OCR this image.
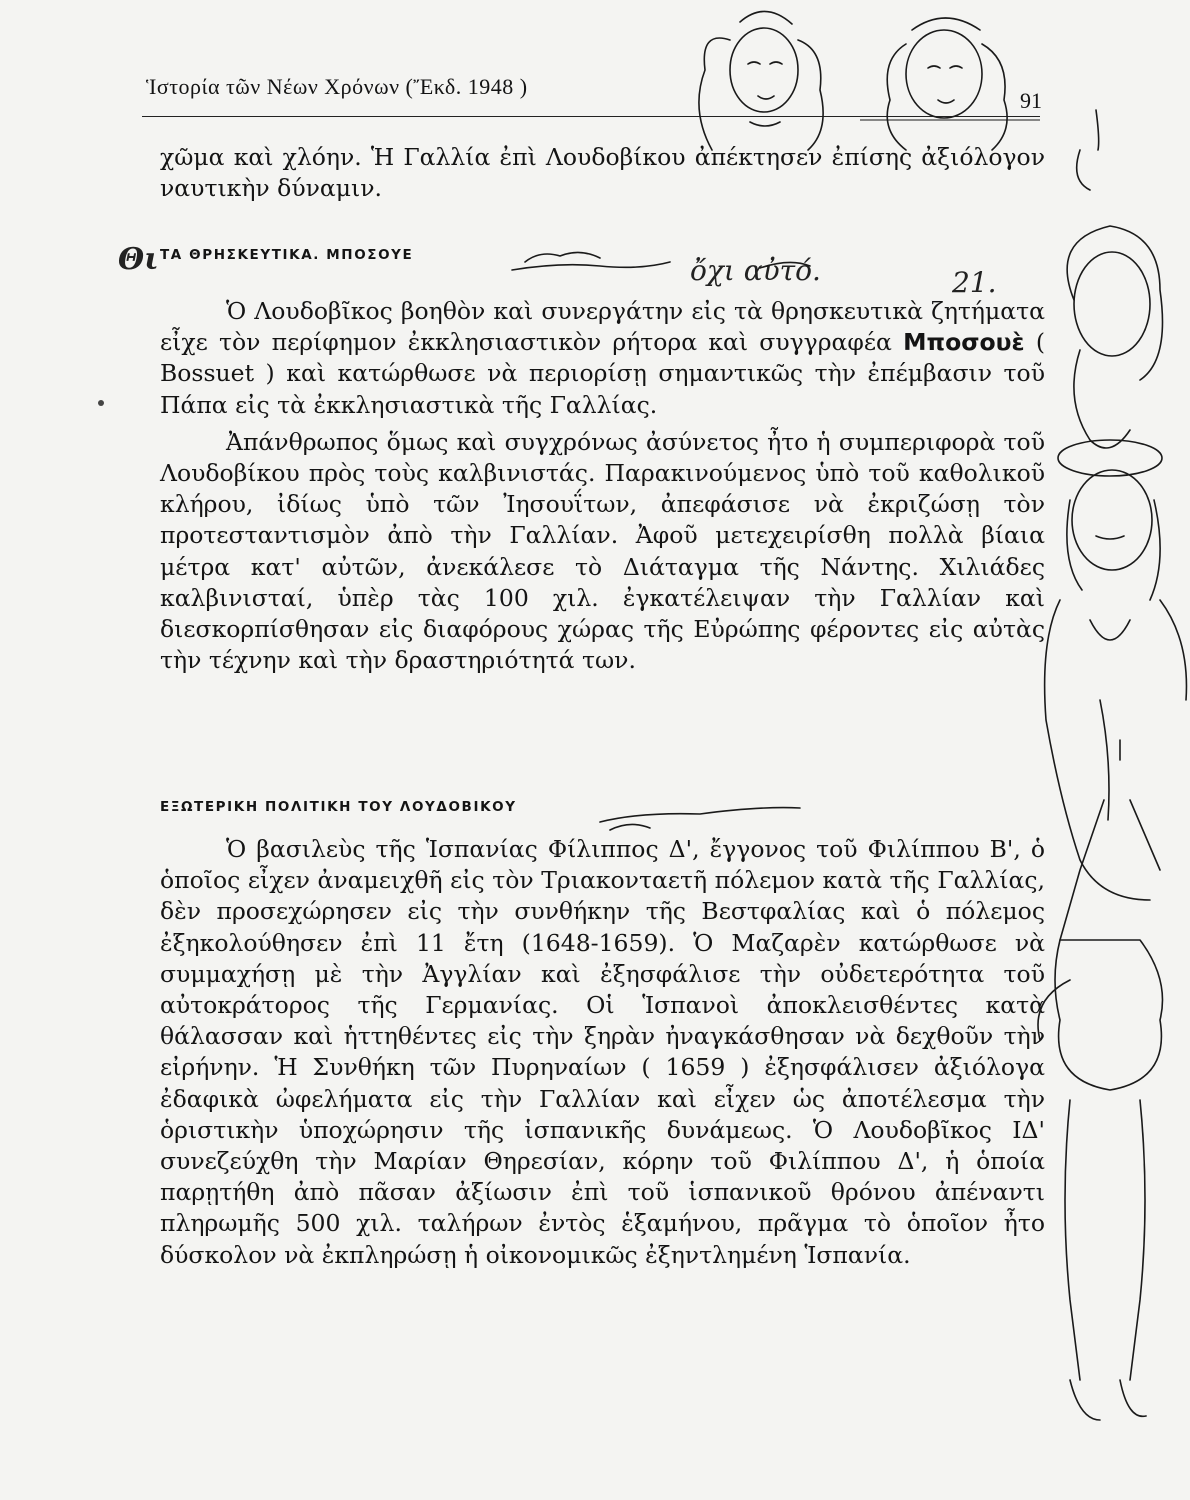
Ἱστορία τῶν Νέων Χρόνων (Ἔκδ. 1948 )
91

χῶμα καὶ χλόην. Ἡ Γαλλία ἐπὶ Λουδοβίκου ἀπέκτησεν ἐπίσης ἀξιόλογον ναυτικὴν δύναμιν.

Θι ΤΑ ΘΡΗΣΚΕΥΤΙΚΑ. ΜΠΟΣΟΥΕ	ὄχι αὐτό.	21.

Ὁ Λουδοβῖκος βοηθὸν καὶ συνεργάτην εἰς τὰ θρησκευτικὰ ζητήματα εἶχε τὸν περίφημον ἐκκλησιαστικὸν ρήτορα καὶ συγγραφέα Μποσουὲ ( Bossuet ) καὶ κατώρθωσε νὰ περιορίσῃ σημαντικῶς τὴν ἐπέμβασιν τοῦ Πάπα εἰς τὰ ἐκκλησιαστικὰ τῆς Γαλλίας.

Ἀπάνθρωπος ὅμως καὶ συγχρόνως ἀσύνετος ἦτο ἡ συμπεριφορὰ τοῦ Λουδοβίκου πρὸς τοὺς καλβινιστάς. Παρακινούμενος ὑπὸ τοῦ καθολικοῦ κλήρου, ἰδίως ὑπὸ τῶν Ἰησουΐτων, ἀπεφάσισε νὰ ἐκριζώσῃ τὸν προτεσταντισμὸν ἀπὸ τὴν Γαλλίαν. Ἀφοῦ μετεχειρίσθη πολλὰ βίαια μέτρα κατ' αὐτῶν, ἀνεκάλεσε τὸ Διάταγμα τῆς Νάντης. Χιλιάδες καλβινισταί, ὑπὲρ τὰς 100 χιλ. ἐγκατέλειψαν τὴν Γαλλίαν καὶ διεσκορπίσθησαν εἰς διαφόρους χώρας τῆς Εὐρώπης φέροντες εἰς αὐτὰς τὴν τέχνην καὶ τὴν δραστηριότητά των.

ΕΞΩΤΕΡΙΚΗ ΠΟΛΙΤΙΚΗ ΤΟΥ ΛΟΥΔΟΒΙΚΟΥ

Ὁ βασιλεὺς τῆς Ἱσπανίας Φίλιππος Δ', ἔγγονος τοῦ Φιλίππου Β', ὁ ὁποῖος εἶχεν ἀναμειχθῆ εἰς τὸν Τριακονταετῆ πόλεμον κατὰ τῆς Γαλλίας, δὲν προσεχώρησεν εἰς τὴν συνθήκην τῆς Βεστφαλίας καὶ ὁ πόλεμος ἐξηκολούθησεν ἐπὶ 11 ἔτη (1648-1659). Ὁ Μαζαρὲν κατώρθωσε νὰ συμμαχήσῃ μὲ τὴν Ἀγγλίαν καὶ ἐξησφάλισε τὴν οὐδετερότητα τοῦ αὐτοκράτορος τῆς Γερμανίας. Οἱ Ἱσπανοὶ ἀποκλεισθέντες κατὰ θάλασσαν καὶ ἡττηθέντες εἰς τὴν ξηρὰν ἠναγκάσθησαν νὰ δεχθοῦν τὴν εἰρήνην. Ἡ Συνθήκη τῶν Πυρηναίων ( 1659 ) ἐξησφάλισεν ἀξιόλογα ἐδαφικὰ ὠφελήματα εἰς τὴν Γαλλίαν καὶ εἶχεν ὡς ἀποτέλεσμα τὴν ὁριστικὴν ὑποχώρησιν τῆς ἱσπανικῆς δυνάμεως. Ὁ Λουδοβῖκος ΙΔ' συνεζεύχθη τὴν Μαρίαν Θηρεσίαν, κόρην τοῦ Φιλίππου Δ', ἡ ὁποία παρῃτήθη ἀπὸ πᾶσαν ἀξίωσιν ἐπὶ τοῦ ἱσπανικοῦ θρόνου ἀπέναντι πληρωμῆς 500 χιλ. ταλήρων ἐντὸς ἑξαμήνου, πρᾶγμα τὸ ὁποῖον ἦτο δύσκολον νὰ ἐκπληρώσῃ ἡ οἰκονομικῶς ἐξηντλημένη Ἱσπανία.
